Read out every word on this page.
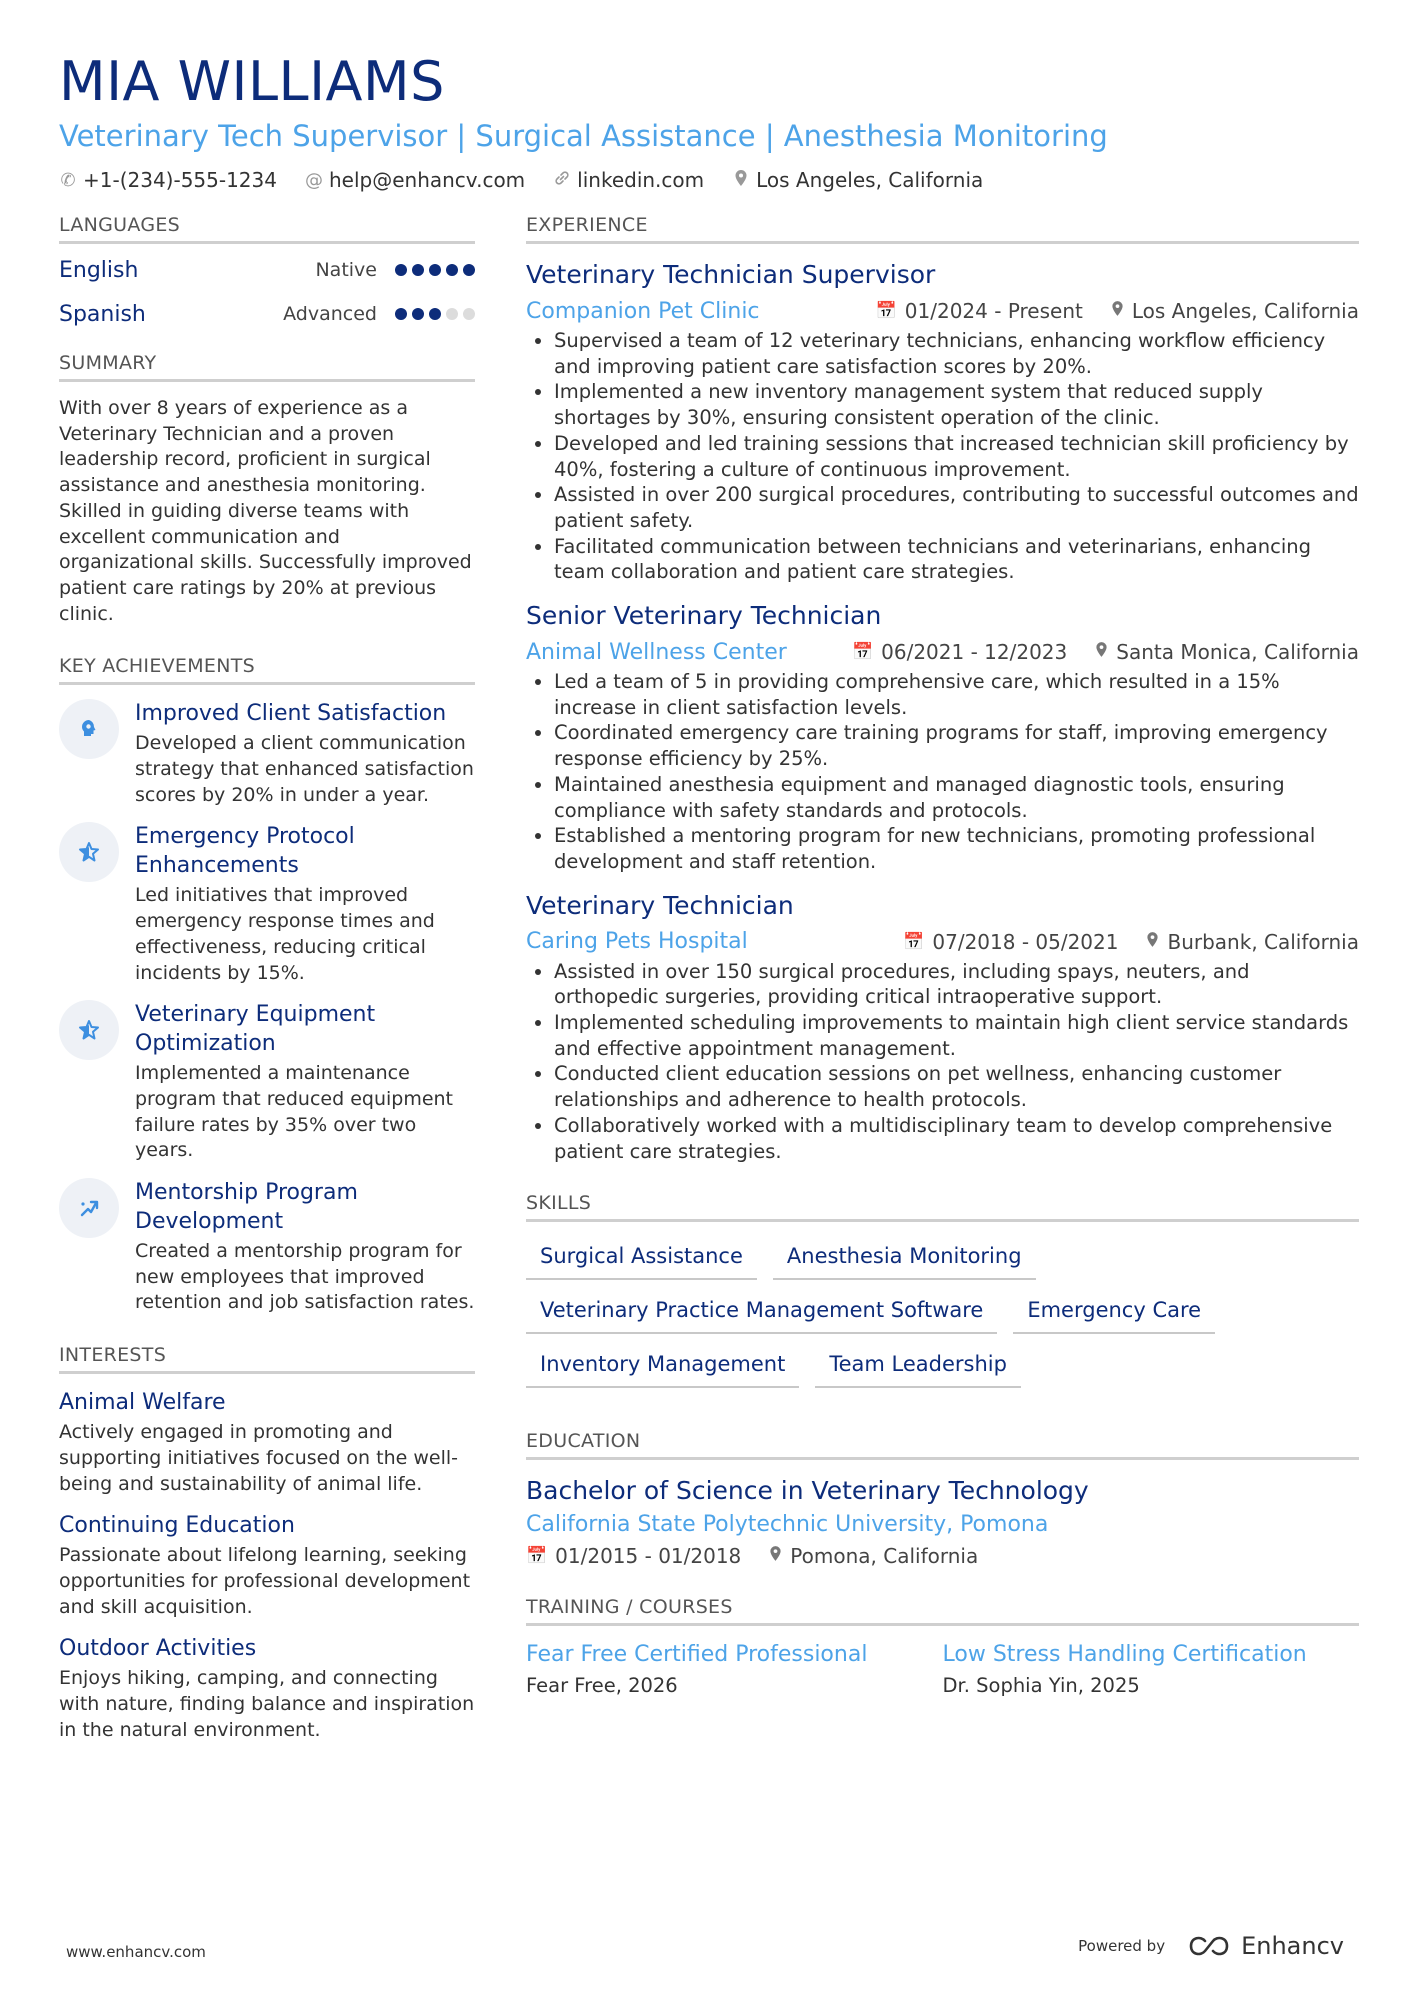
MIA WILLIAMS
Veterinary Tech Supervisor | Surgical Assistance | Anesthesia Monitoring
✆ +1-(234)-555-1234 @ help@enhancv.com	linkedin.com	Los Angeles, California
LANGUAGES
English	Native
Spanish	Advanced
SUMMARY
With over 8 years of experience as a Veterinary Technician and a proven leadership record, proficient in surgical assistance and anesthesia monitoring. Skilled in guiding diverse teams with excellent communication and organizational skills. Successfully improved patient care ratings by 20% at previous clinic.
KEY ACHIEVEMENTS
Improved Client Satisfaction
Developed a client communication strategy that enhanced satisfaction scores by 20% in under a year.
Emergency Protocol Enhancements
Led initiatives that improved emergency response times and effectiveness, reducing critical incidents by 15%.
Veterinary Equipment Optimization
Implemented a maintenance program that reduced equipment failure rates by 35% over two years.
Mentorship Program Development
Created a mentorship program for new employees that improved retention and job satisfaction rates.
INTERESTS
Animal Welfare
Actively engaged in promoting and supporting initiatives focused on the well-being and sustainability of animal life.
Continuing Education
Passionate about lifelong learning, seeking opportunities for professional development and skill acquisition.
Outdoor Activities
Enjoys hiking, camping, and connecting with nature, finding balance and inspiration in the natural environment.
EXPERIENCE
Veterinary Technician Supervisor
Companion Pet Clinic	📅 01/2024 - Present Los Angeles, California
• Supervised a team of 12 veterinary technicians, enhancing workflow efficiency and improving patient care satisfaction scores by 20%.
• Implemented a new inventory management system that reduced supply shortages by 30%, ensuring consistent operation of the clinic.
• Developed and led training sessions that increased technician skill proficiency by 40%, fostering a culture of continuous improvement.
• Assisted in over 200 surgical procedures, contributing to successful outcomes and patient safety.
• Facilitated communication between technicians and veterinarians, enhancing team collaboration and patient care strategies.
Senior Veterinary Technician
Animal Wellness Center	📅 06/2021 - 12/2023 Santa Monica, California
• Led a team of 5 in providing comprehensive care, which resulted in a 15% increase in client satisfaction levels.
• Coordinated emergency care training programs for staff, improving emergency response efficiency by 25%.
• Maintained anesthesia equipment and managed diagnostic tools, ensuring compliance with safety standards and protocols.
• Established a mentoring program for new technicians, promoting professional development and staff retention.
Veterinary Technician
Caring Pets Hospital	📅 07/2018 - 05/2021 Burbank, California
• Assisted in over 150 surgical procedures, including spays, neuters, and orthopedic surgeries, providing critical intraoperative support.
• Implemented scheduling improvements to maintain high client service standards and effective appointment management.
• Conducted client education sessions on pet wellness, enhancing customer relationships and adherence to health protocols.
• Collaboratively worked with a multidisciplinary team to develop comprehensive patient care strategies.
SKILLS
Surgical Assistance	Anesthesia Monitoring
Veterinary Practice Management Software	Emergency Care
Inventory Management	Team Leadership
EDUCATION
Bachelor of Science in Veterinary Technology
California State Polytechnic University, Pomona
📅 01/2015 - 01/2018 Pomona, California
TRAINING / COURSES
Fear Free Certified Professional
Fear Free, 2026
Low Stress Handling Certification
Dr. Sophia Yin, 2025
www.enhancv.com	Powered by	Enhancv
